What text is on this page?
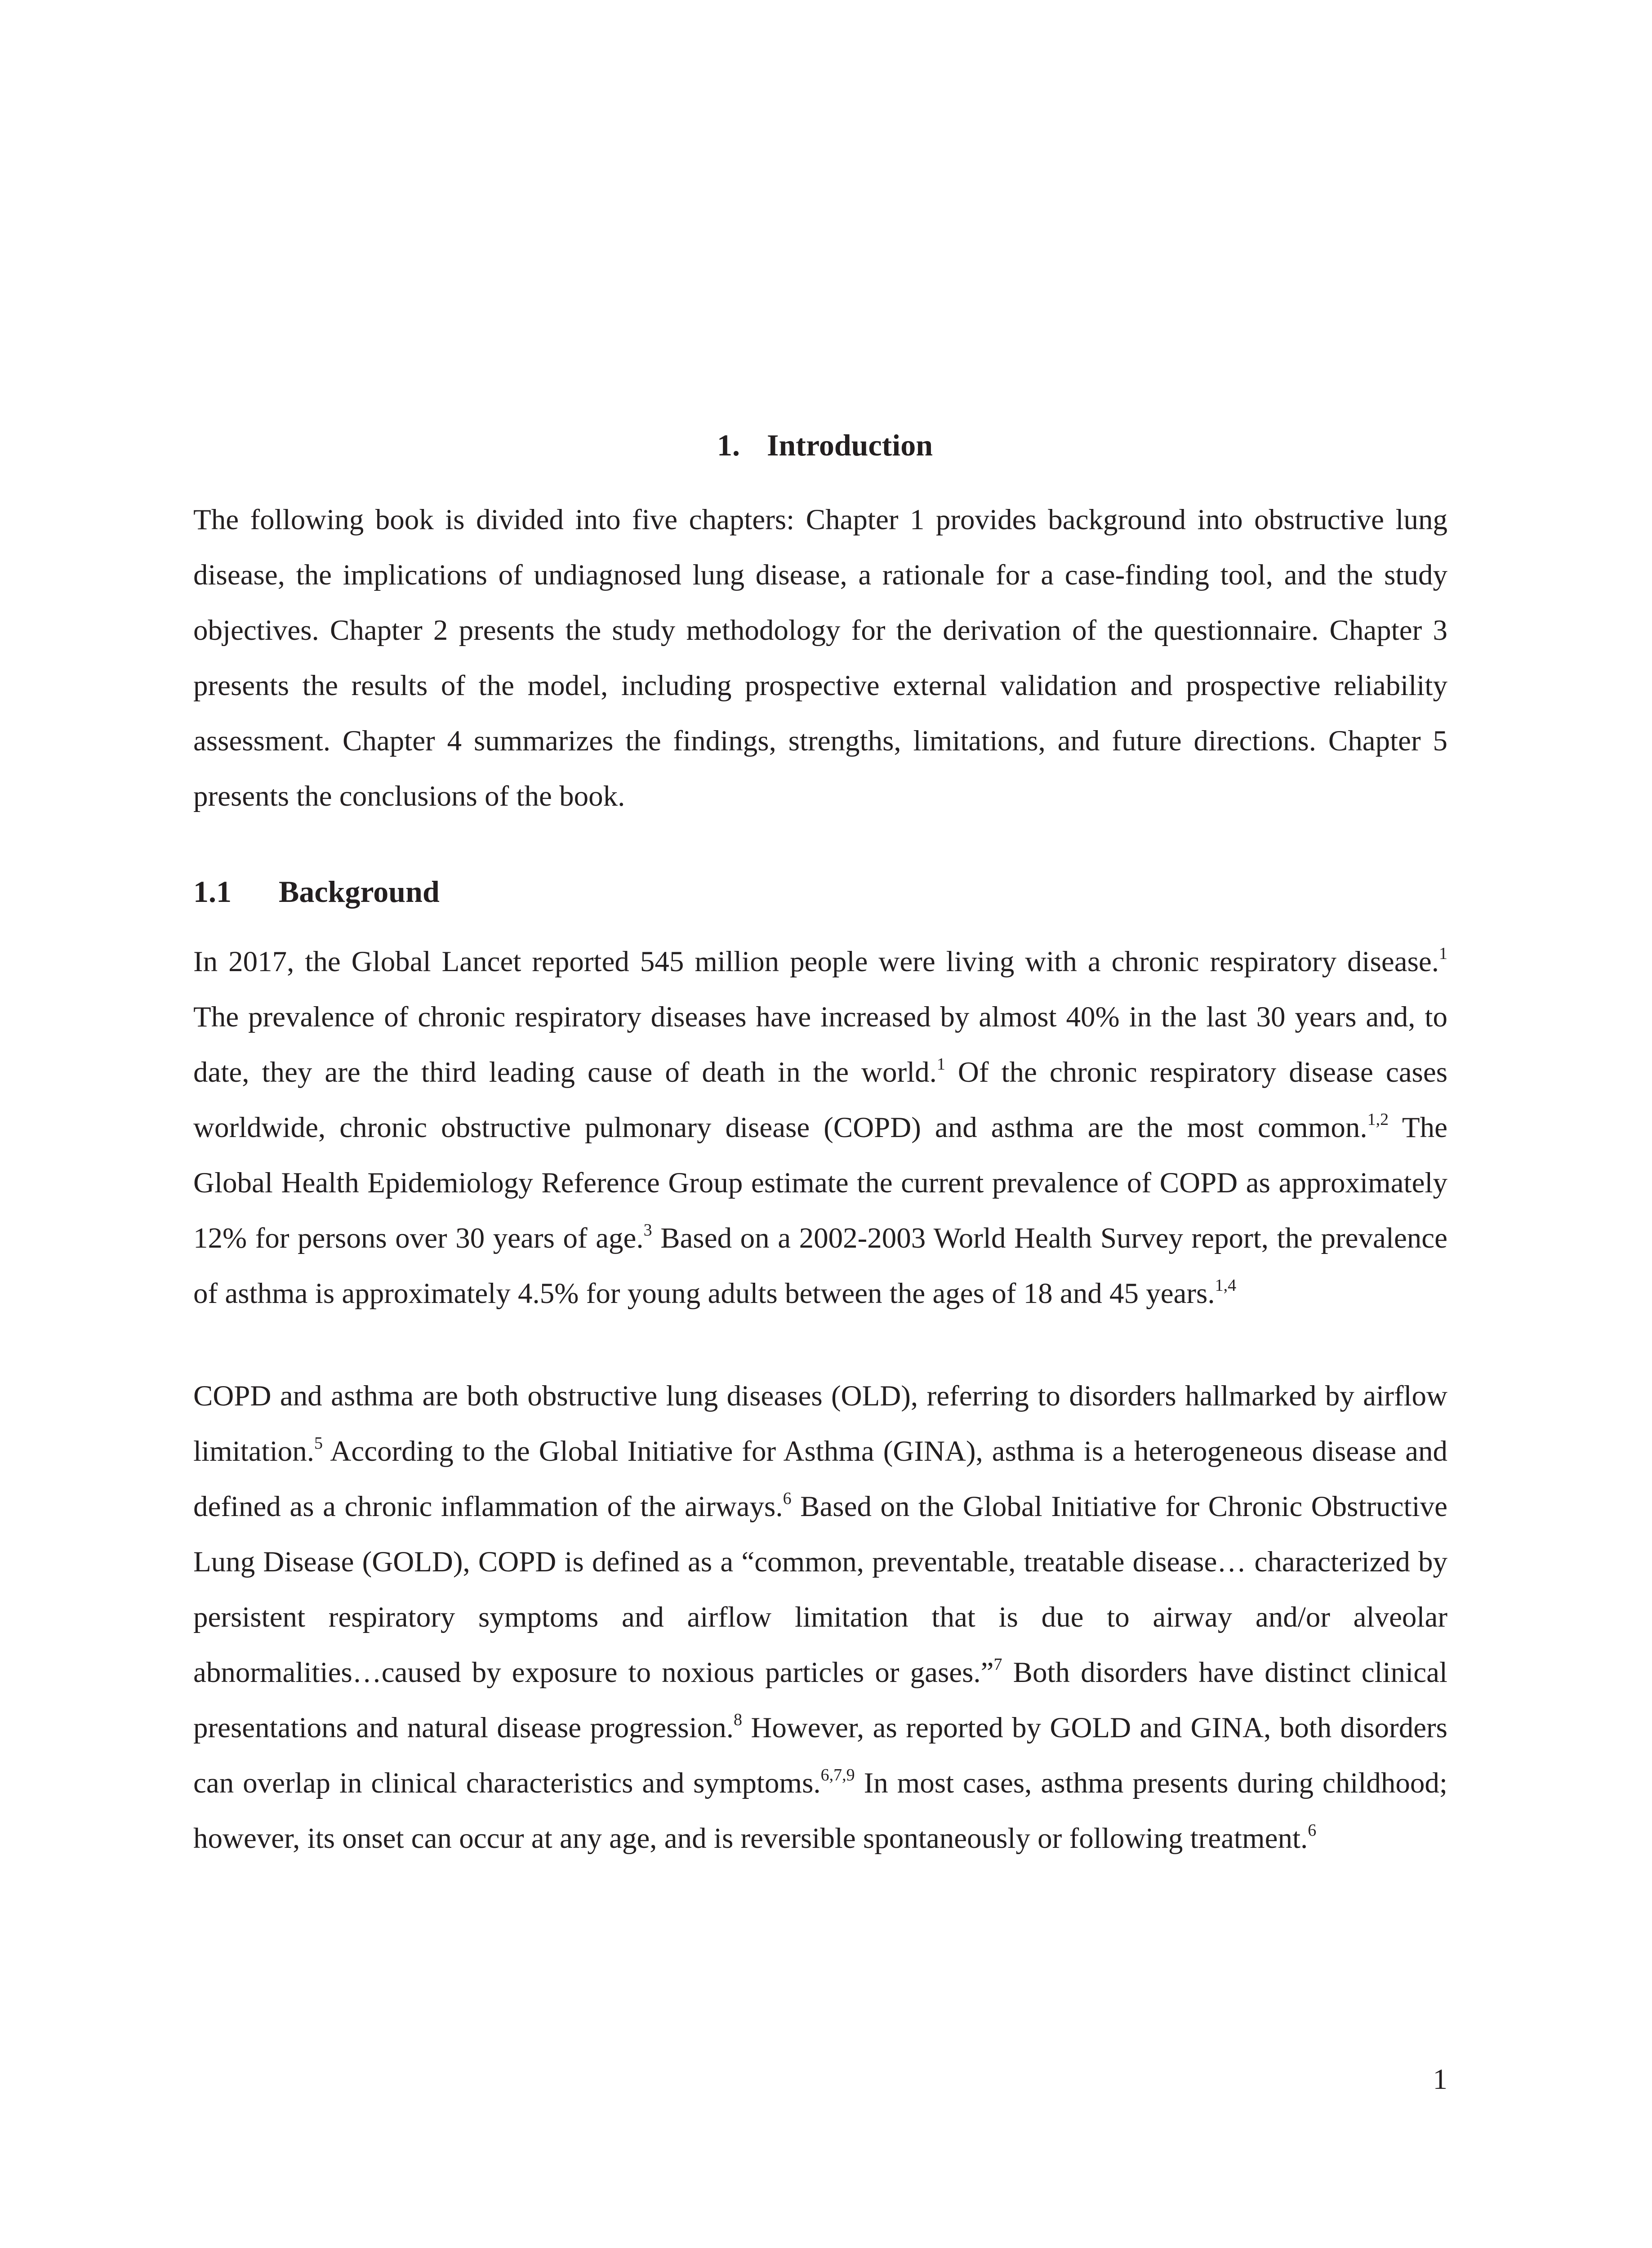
1. Introduction

The following book is divided into five chapters: Chapter 1 provides background into obstructive lung disease, the implications of undiagnosed lung disease, a rationale for a case-finding tool, and the study objectives. Chapter 2 presents the study methodology for the derivation of the questionnaire. Chapter 3 presents the results of the model, including prospective external validation and prospective reliability assessment. Chapter 4 summarizes the findings, strengths, limitations, and future directions. Chapter 5 presents the conclusions of the book.

1.1 Background

In 2017, the Global Lancet reported 545 million people were living with a chronic respiratory disease.$^1$ The prevalence of chronic respiratory diseases have increased by almost 40% in the last 30 years and, to date, they are the third leading cause of death in the world.$^1$ Of the chronic respiratory disease cases worldwide, chronic obstructive pulmonary disease (COPD) and asthma are the most common.$^{1,2}$ The Global Health Epidemiology Reference Group estimate the current prevalence of COPD as approximately 12% for persons over 30 years of age.$^3$ Based on a 2002-2003 World Health Survey report, the prevalence of asthma is approximately 4.5% for young adults between the ages of 18 and 45 years.$^{1,4}$

COPD and asthma are both obstructive lung diseases (OLD), referring to disorders hallmarked by airflow limitation.$^5$ According to the Global Initiative for Asthma (GINA), asthma is a heterogeneous disease and defined as a chronic inflammation of the airways.$^6$ Based on the Global Initiative for Chronic Obstructive Lung Disease (GOLD), COPD is defined as a “common, preventable, treatable disease… characterized by persistent respiratory symptoms and airflow limitation that is due to airway and/or alveolar abnormalities…caused by exposure to noxious particles or gases.”$^7$ Both disorders have distinct clinical presentations and natural disease progression.$^8$ However, as reported by GOLD and GINA, both disorders can overlap in clinical characteristics and symptoms.$^{6,7,9}$ In most cases, asthma presents during childhood; however, its onset can occur at any age, and is reversible spontaneously or following treatment.$^6$

1
